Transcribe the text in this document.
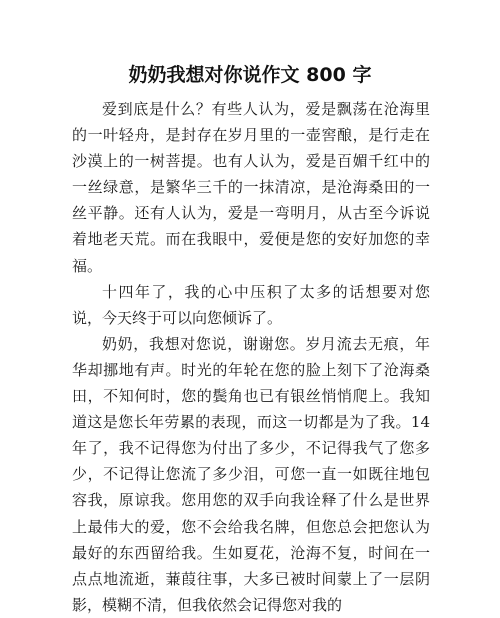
奶奶我想对你说作文 800 字

爱到底是什么？有些人认为，爱是飘荡在沧海里的一叶轻舟，是封存在岁月里的一壶窖酿，是行走在沙漠上的一树菩提。也有人认为，爱是百媚千红中的一丝绿意，是繁华三千的一抹清凉，是沧海桑田的一丝平静。还有人认为，爱是一弯明月，从古至今诉说着地老天荒。而在我眼中，爱便是您的安好加您的幸福。

十四年了，我的心中压积了太多的话想要对您说，今天终于可以向您倾诉了。

奶奶，我想对您说，谢谢您。岁月流去无痕，年华却挪地有声。时光的年轮在您的脸上刻下了沧海桑田，不知何时，您的鬓角也已有银丝悄悄爬上。我知道这是您长年劳累的表现，而这一切都是为了我。14年了，我不记得您为付出了多少，不记得我气了您多少，不记得让您流了多少泪，可您一直一如既往地包容我，原谅我。您用您的双手向我诠释了什么是世界上最伟大的爱，您不会给我名牌，但您总会把您认为最好的东西留给我。生如夏花，沧海不复，时间在一点点地流逝，蒹葭往事，大多已被时间蒙上了一层阴影，模糊不清，但我依然会记得您对我的
